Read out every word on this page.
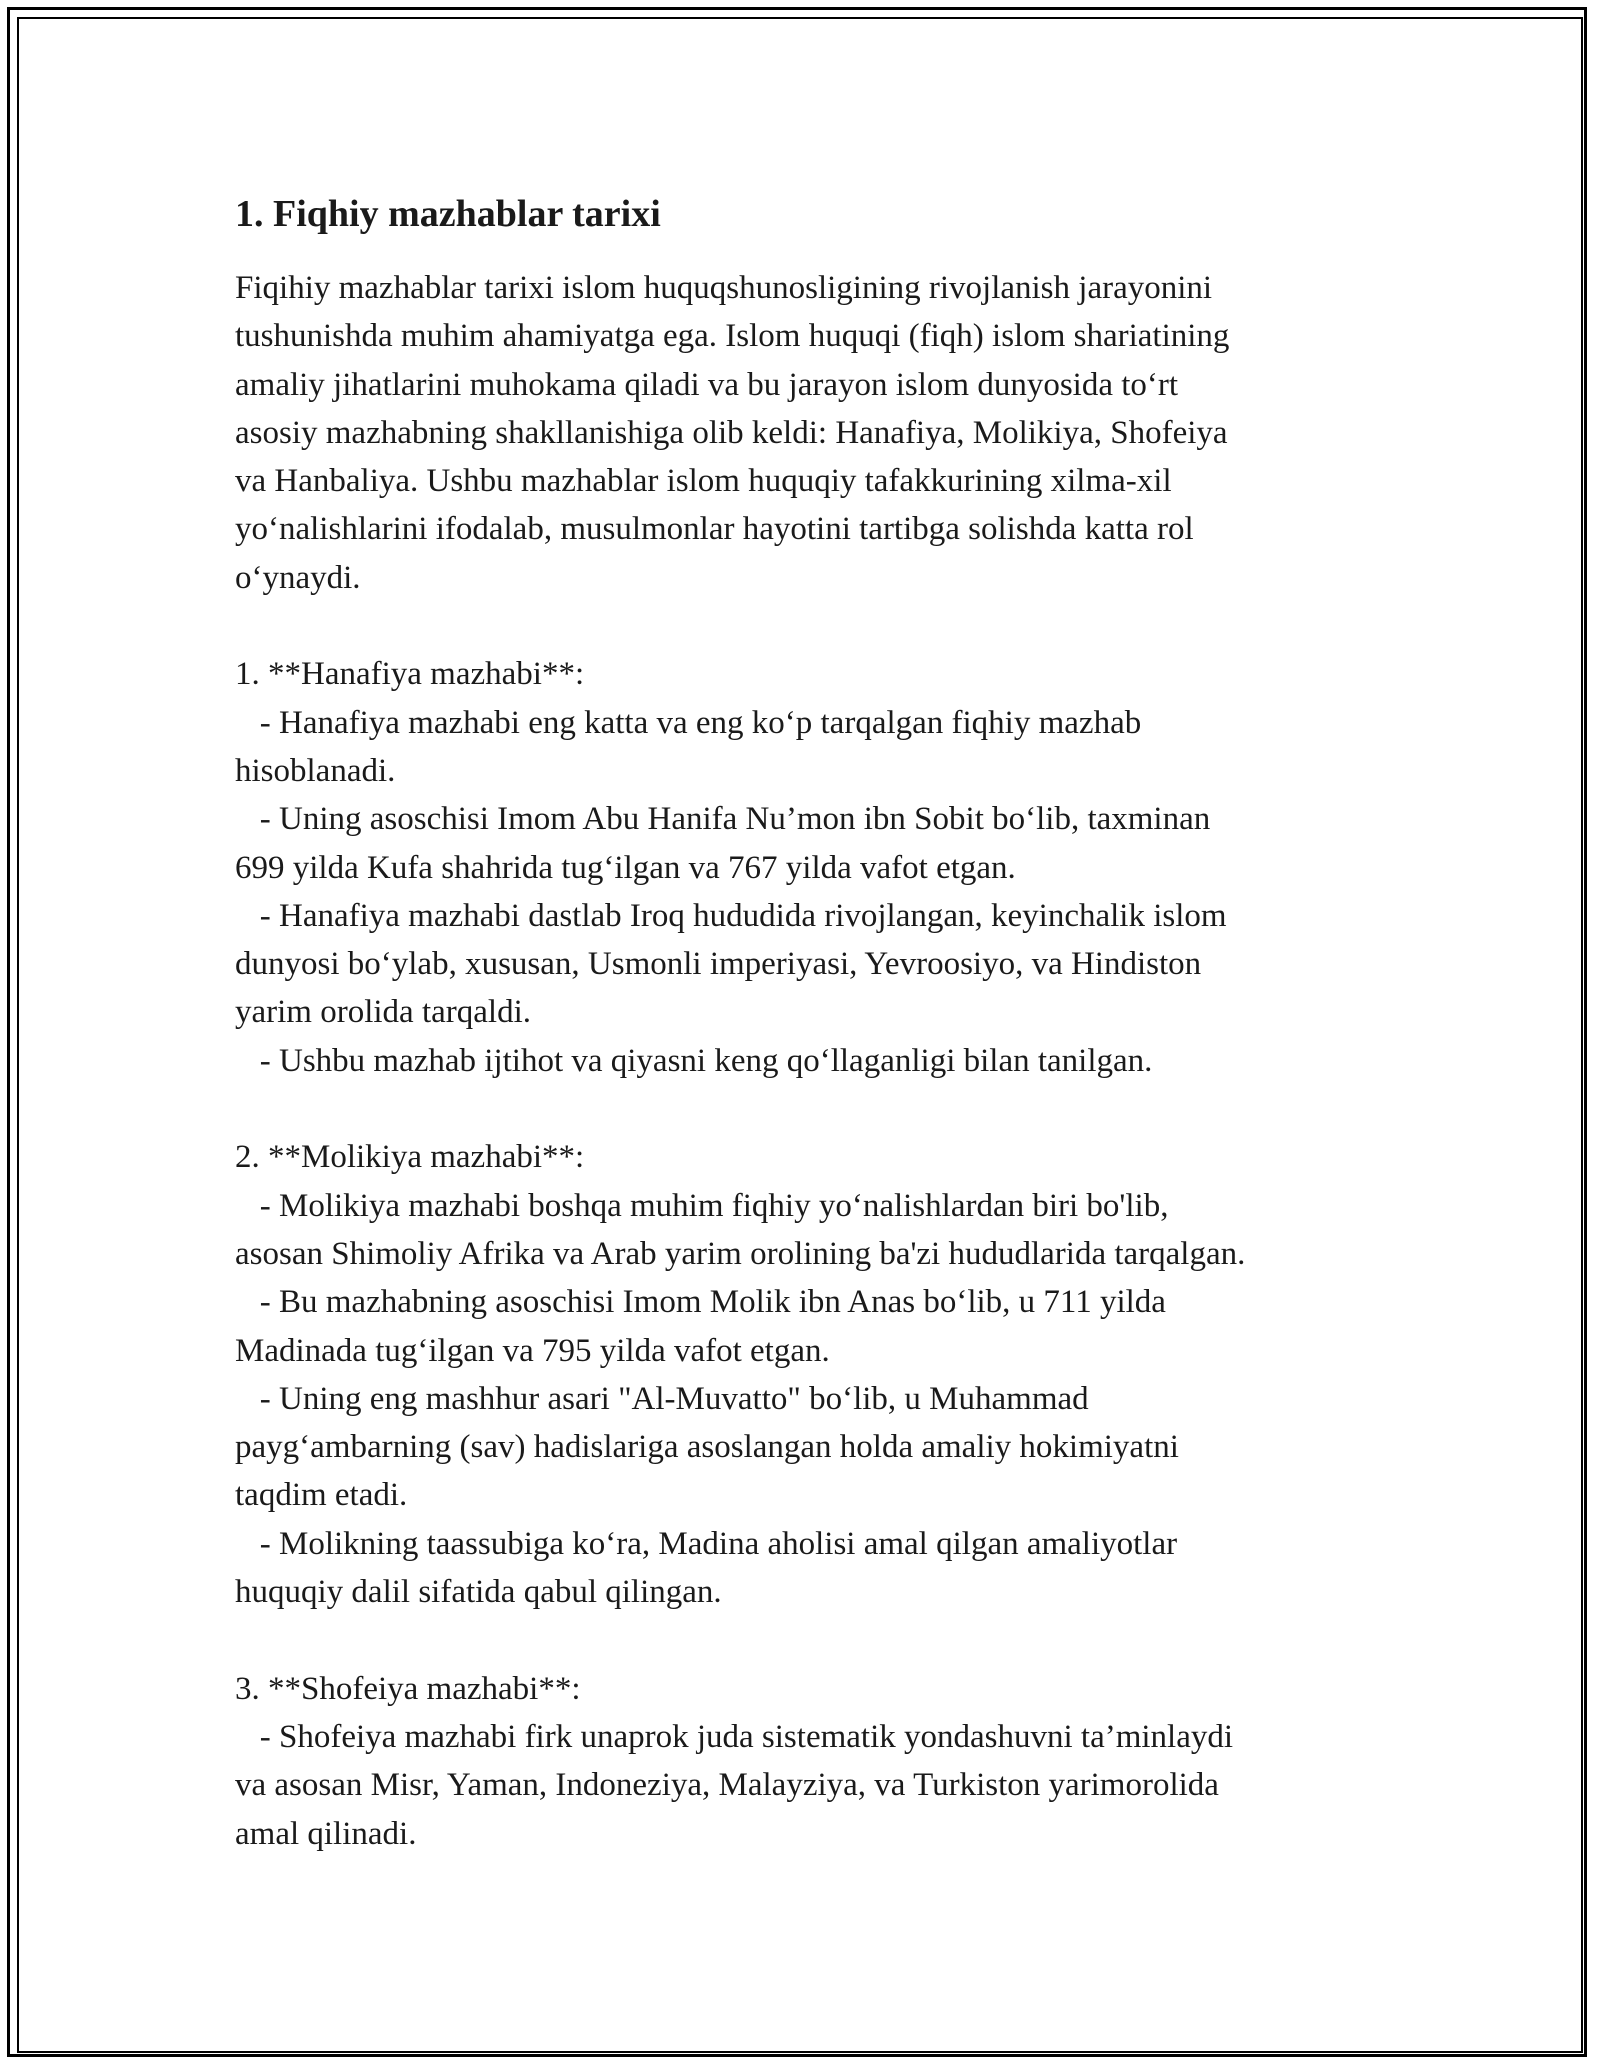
1. Fiqhiy mazhablar tarixi

Fiqihiy mazhablar tarixi islom huquqshunosligining rivojlanish jarayonini
tushunishda muhim ahamiyatga ega. Islom huquqi (fiqh) islom shariatining
amaliy jihatlarini muhokama qiladi va bu jarayon islom dunyosida to‘rt
asosiy mazhabning shakllanishiga olib keldi: Hanafiya, Molikiya, Shofeiya
va Hanbaliya. Ushbu mazhablar islom huquqiy tafakkurining xilma-xil
yo‘nalishlarini ifodalab, musulmonlar hayotini tartibga solishda katta rol
o‘ynaydi.

1. **Hanafiya mazhabi**:
- Hanafiya mazhabi eng katta va eng ko‘p tarqalgan fiqhiy mazhab
hisoblanadi.
- Uning asoschisi Imom Abu Hanifa Nu’mon ibn Sobit bo‘lib, taxminan
699 yilda Kufa shahrida tug‘ilgan va 767 yilda vafot etgan.
- Hanafiya mazhabi dastlab Iroq hududida rivojlangan, keyinchalik islom
dunyosi bo‘ylab, xususan, Usmonli imperiyasi, Yevroosiyo, va Hindiston
yarim orolida tarqaldi.
- Ushbu mazhab ijtihot va qiyasni keng qo‘llaganligi bilan tanilgan.

2. **Molikiya mazhabi**:
- Molikiya mazhabi boshqa muhim fiqhiy yo‘nalishlardan biri bo'lib,
asosan Shimoliy Afrika va Arab yarim orolining ba'zi hududlarida tarqalgan.
- Bu mazhabning asoschisi Imom Molik ibn Anas bo‘lib, u 711 yilda
Madinada tug‘ilgan va 795 yilda vafot etgan.
- Uning eng mashhur asari "Al-Muvatto" bo‘lib, u Muhammad
payg‘ambarning (sav) hadislariga asoslangan holda amaliy hokimiyatni
taqdim etadi.
- Molikning taassubiga ko‘ra, Madina aholisi amal qilgan amaliyotlar
huquqiy dalil sifatida qabul qilingan.

3. **Shofeiya mazhabi**:
- Shofeiya mazhabi firk unaprok juda sistematik yondashuvni ta’minlaydi
va asosan Misr, Yaman, Indoneziya, Malayziya, va Turkiston yarimorolida
amal qilinadi.
